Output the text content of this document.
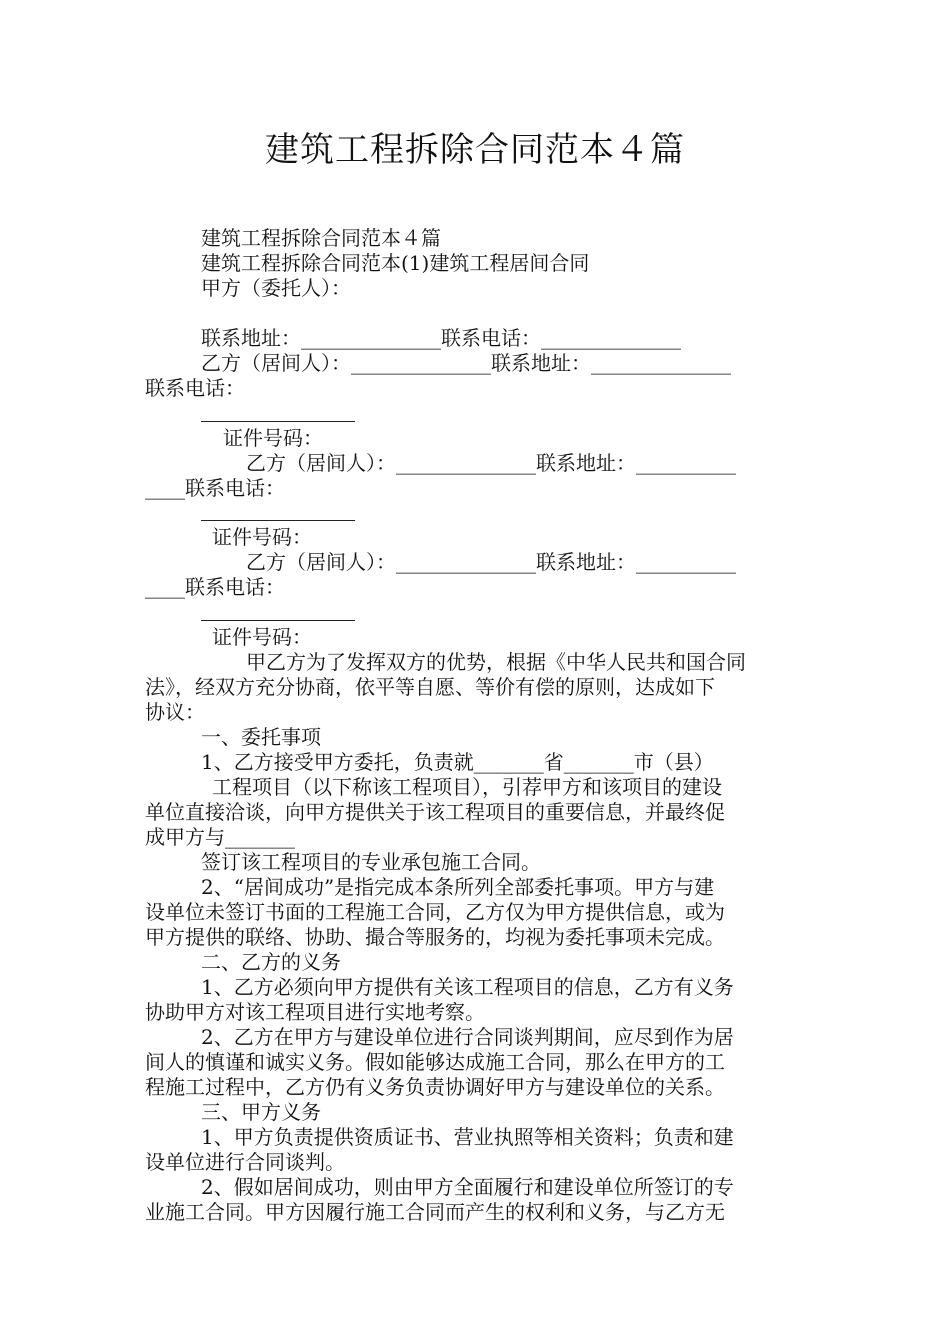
建筑工程拆除合同范本４篇
建筑工程拆除合同范本４篇
建筑工程拆除合同范本(1)建筑工程居间合同
甲方（委托人）：
联系地址：______________联系电话：______________
乙方（居间人）：______________联系地址：______________
联系电话：
证件号码：
乙方（居间人）：______________联系地址：__________
____联系电话：
证件号码：
乙方（居间人）：______________联系地址：__________
____联系电话：
证件号码：
甲乙方为了发挥双方的优势，根据《中华人民共和国合同
法》，经双方充分协商，依平等自愿、等价有偿的原则，达成如下
协议：
一、委托事项
1、乙方接受甲方委托，负责就_______省_______市（县）
工程项目（以下称该工程项目），引荐甲方和该项目的建设
单位直接洽谈，向甲方提供关于该工程项目的重要信息，并最终促
成甲方与_______
签订该工程项目的专业承包施工合同。
2、“居间成功”是指完成本条所列全部委托事项。甲方与建
设单位未签订书面的工程施工合同，乙方仅为甲方提供信息，或为
甲方提供的联络、协助、撮合等服务的，均视为委托事项未完成。
二、乙方的义务
1、乙方必须向甲方提供有关该工程项目的信息，乙方有义务
协助甲方对该工程项目进行实地考察。
2、乙方在甲方与建设单位进行合同谈判期间，应尽到作为居
间人的慎谨和诚实义务。假如能够达成施工合同，那么在甲方的工
程施工过程中，乙方仍有义务负责协调好甲方与建设单位的关系。
三、甲方义务
1、甲方负责提供资质证书、营业执照等相关资料；负责和建
设单位进行合同谈判。
2、假如居间成功，则由甲方全面履行和建设单位所签订的专
业施工合同。甲方因履行施工合同而产生的权利和义务，与乙方无
